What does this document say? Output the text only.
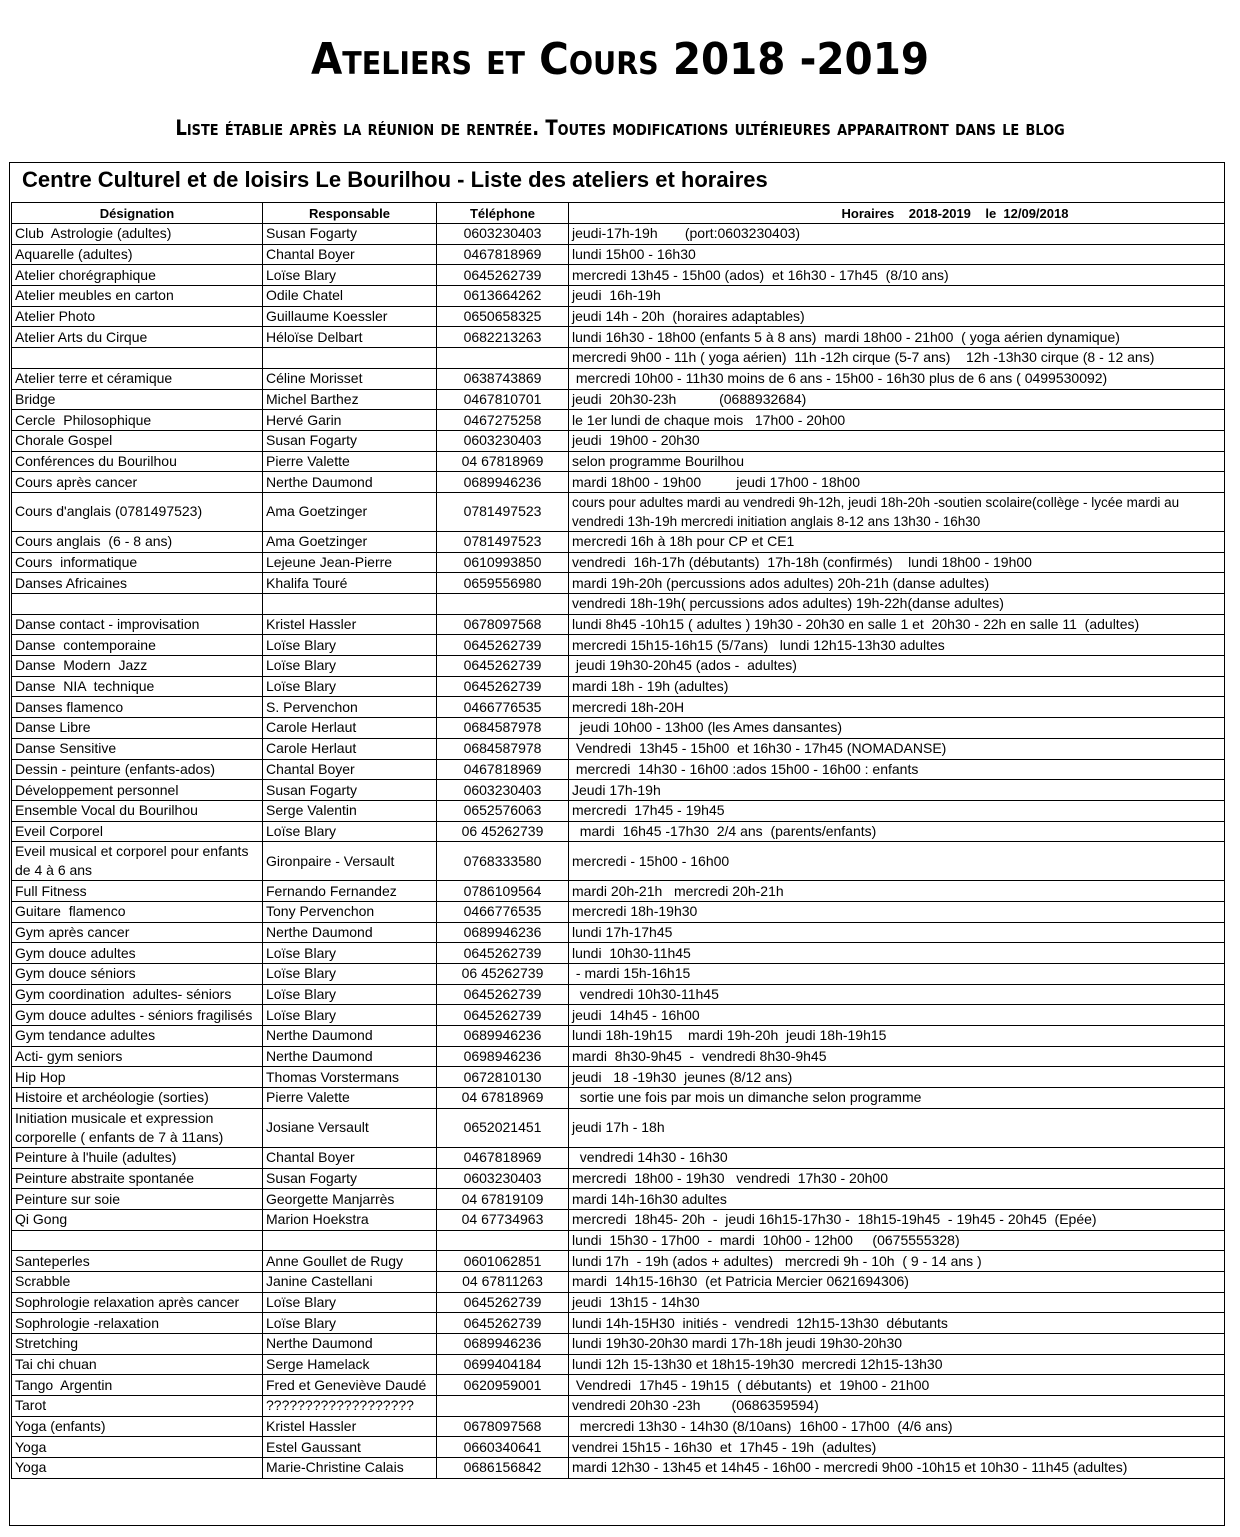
Ateliers et Cours 2018 -2019
Liste établie après la réunion de rentrée. Toutes modifications ultérieures apparaitront dans le blog
Centre Culturel et de loisirs Le Bourilhou - Liste des ateliers et horaires
Désignation	Responsable	Téléphone	Horaires    2018-2019    le  12/09/2018
Club  Astrologie (adultes)	Susan Fogarty	0603230403	jeudi-17h-19h       (port:0603230403)
Aquarelle (adultes)	Chantal Boyer	0467818969	lundi 15h00 - 16h30
Atelier chorégraphique	Loïse Blary	0645262739	mercredi 13h45 - 15h00 (ados)  et 16h30 - 17h45  (8/10 ans)
Atelier meubles en carton	Odile Chatel	0613664262	jeudi  16h-19h
Atelier Photo	Guillaume Koessler	0650658325	jeudi 14h - 20h  (horaires adaptables)
Atelier Arts du Cirque	Héloïse Delbart	0682213263	lundi 16h30 - 18h00 (enfants 5 à 8 ans)  mardi 18h00 - 21h00  ( yoga aérien dynamique)
			mercredi 9h00 - 11h ( yoga aérien)  11h -12h cirque (5-7 ans)    12h -13h30 cirque (8 - 12 ans)
Atelier terre et céramique	Céline Morisset	0638743869	mercredi 10h00 - 11h30 moins de 6 ans - 15h00 - 16h30 plus de 6 ans ( 0499530092)
Bridge	Michel Barthez	0467810701	jeudi  20h30-23h           (0688932684)
Cercle  Philosophique	Hervé Garin	0467275258	le 1er lundi de chaque mois   17h00 - 20h00
Chorale Gospel	Susan Fogarty	0603230403	jeudi  19h00 - 20h30
Conférences du Bourilhou	Pierre Valette	04 67818969	selon programme Bourilhou
Cours après cancer	Nerthe Daumond	0689946236	mardi 18h00 - 19h00         jeudi 17h00 - 18h00
Cours d'anglais (0781497523)	Ama Goetzinger	0781497523	cours pour adultes mardi au vendredi 9h-12h, jeudi 18h-20h -soutien scolaire(collège - lycée mardi au vendredi 13h-19h mercredi initiation anglais 8-12 ans 13h30 - 16h30
Cours anglais  (6 - 8 ans)	Ama Goetzinger	0781497523	mercredi 16h à 18h pour CP et CE1
Cours  informatique	Lejeune Jean-Pierre	0610993850	vendredi  16h-17h (débutants)  17h-18h (confirmés)    lundi 18h00 - 19h00
Danses Africaines	Khalifa Touré	0659556980	mardi 19h-20h (percussions ados adultes) 20h-21h (danse adultes)
			vendredi 18h-19h( percussions ados adultes) 19h-22h(danse adultes)
Danse contact - improvisation	Kristel Hassler	0678097568	lundi 8h45 -10h15 ( adultes ) 19h30 - 20h30 en salle 1 et  20h30 - 22h en salle 11  (adultes)
Danse  contemporaine	Loïse Blary	0645262739	mercredi 15h15-16h15 (5/7ans)   lundi 12h15-13h30 adultes
Danse  Modern  Jazz	Loïse Blary	0645262739	jeudi 19h30-20h45 (ados -  adultes)
Danse  NIA  technique	Loïse Blary	0645262739	mardi 18h - 19h (adultes)
Danses flamenco	S. Pervenchon	0466776535	mercredi 18h-20H
Danse Libre	Carole Herlaut	0684587978	jeudi 10h00 - 13h00 (les Ames dansantes)
Danse Sensitive	Carole Herlaut	0684587978	Vendredi  13h45 - 15h00  et 16h30 - 17h45 (NOMADANSE)
Dessin - peinture (enfants-ados)	Chantal Boyer	0467818969	mercredi  14h30 - 16h00 :ados 15h00 - 16h00 : enfants
Développement personnel	Susan Fogarty	0603230403	Jeudi 17h-19h
Ensemble Vocal du Bourilhou	Serge Valentin	0652576063	mercredi  17h45 - 19h45
Eveil Corporel	Loïse Blary	06 45262739	mardi  16h45 -17h30  2/4 ans  (parents/enfants)
Eveil musical et corporel pour enfants de 4 à 6 ans	Gironpaire - Versault	0768333580	mercredi - 15h00 - 16h00
Full Fitness	Fernando Fernandez	0786109564	mardi 20h-21h   mercredi 20h-21h
Guitare  flamenco	Tony Pervenchon	0466776535	mercredi 18h-19h30
Gym après cancer	Nerthe Daumond	0689946236	lundi 17h-17h45
Gym douce adultes	Loïse Blary	0645262739	lundi  10h30-11h45
Gym douce séniors	Loïse Blary	06 45262739	- mardi 15h-16h15
Gym coordination  adultes- séniors	Loïse Blary	0645262739	vendredi 10h30-11h45
Gym douce adultes - séniors fragilisés	Loïse Blary	0645262739	jeudi  14h45 - 16h00
Gym tendance adultes	Nerthe Daumond	0689946236	lundi 18h-19h15    mardi 19h-20h  jeudi 18h-19h15
Acti- gym seniors	Nerthe Daumond	0698946236	mardi  8h30-9h45  -  vendredi 8h30-9h45
Hip Hop	Thomas Vorstermans	0672810130	jeudi   18 -19h30  jeunes (8/12 ans)
Histoire et archéologie (sorties)	Pierre Valette	04 67818969	sortie une fois par mois un dimanche selon programme
Initiation musicale et expression corporelle ( enfants de 7 à 11ans)	Josiane Versault	0652021451	jeudi 17h - 18h
Peinture à l'huile (adultes)	Chantal Boyer	0467818969	vendredi 14h30 - 16h30
Peinture abstraite spontanée	Susan Fogarty	0603230403	mercredi  18h00 - 19h30   vendredi  17h30 - 20h00
Peinture sur soie	Georgette Manjarrès	04 67819109	mardi 14h-16h30 adultes
Qi Gong	Marion Hoekstra	04 67734963	mercredi  18h45- 20h  -  jeudi 16h15-17h30 -  18h15-19h45  - 19h45 - 20h45  (Epée)
			lundi  15h30 - 17h00  -  mardi  10h00 - 12h00     (0675555328)
Santeperles	Anne Goullet de Rugy	0601062851	lundi 17h  - 19h (ados + adultes)   mercredi 9h - 10h  ( 9 - 14 ans )
Scrabble	Janine Castellani	04 67811263	mardi  14h15-16h30  (et Patricia Mercier 0621694306)
Sophrologie relaxation après cancer	Loïse Blary	0645262739	jeudi  13h15 - 14h30
Sophrologie -relaxation	Loïse Blary	0645262739	lundi 14h-15H30  initiés -  vendredi  12h15-13h30  débutants
Stretching	Nerthe Daumond	0689946236	lundi 19h30-20h30 mardi 17h-18h jeudi 19h30-20h30
Tai chi chuan	Serge Hamelack	0699404184	lundi 12h 15-13h30 et 18h15-19h30  mercredi 12h15-13h30
Tango  Argentin	Fred et Geneviève Daudé	0620959001	Vendredi  17h45 - 19h15  ( débutants)  et  19h00 - 21h00
Tarot	???????????????????		vendredi 20h30 -23h        (0686359594)
Yoga (enfants)	Kristel Hassler	0678097568	mercredi 13h30 - 14h30 (8/10ans)  16h00 - 17h00  (4/6 ans)
Yoga	Estel Gaussant	0660340641	vendrei 15h15 - 16h30  et  17h45 - 19h  (adultes)
Yoga	Marie-Christine Calais	0686156842	mardi 12h30 - 13h45 et 14h45 - 16h00 - mercredi 9h00 -10h15 et 10h30 - 11h45 (adultes)
